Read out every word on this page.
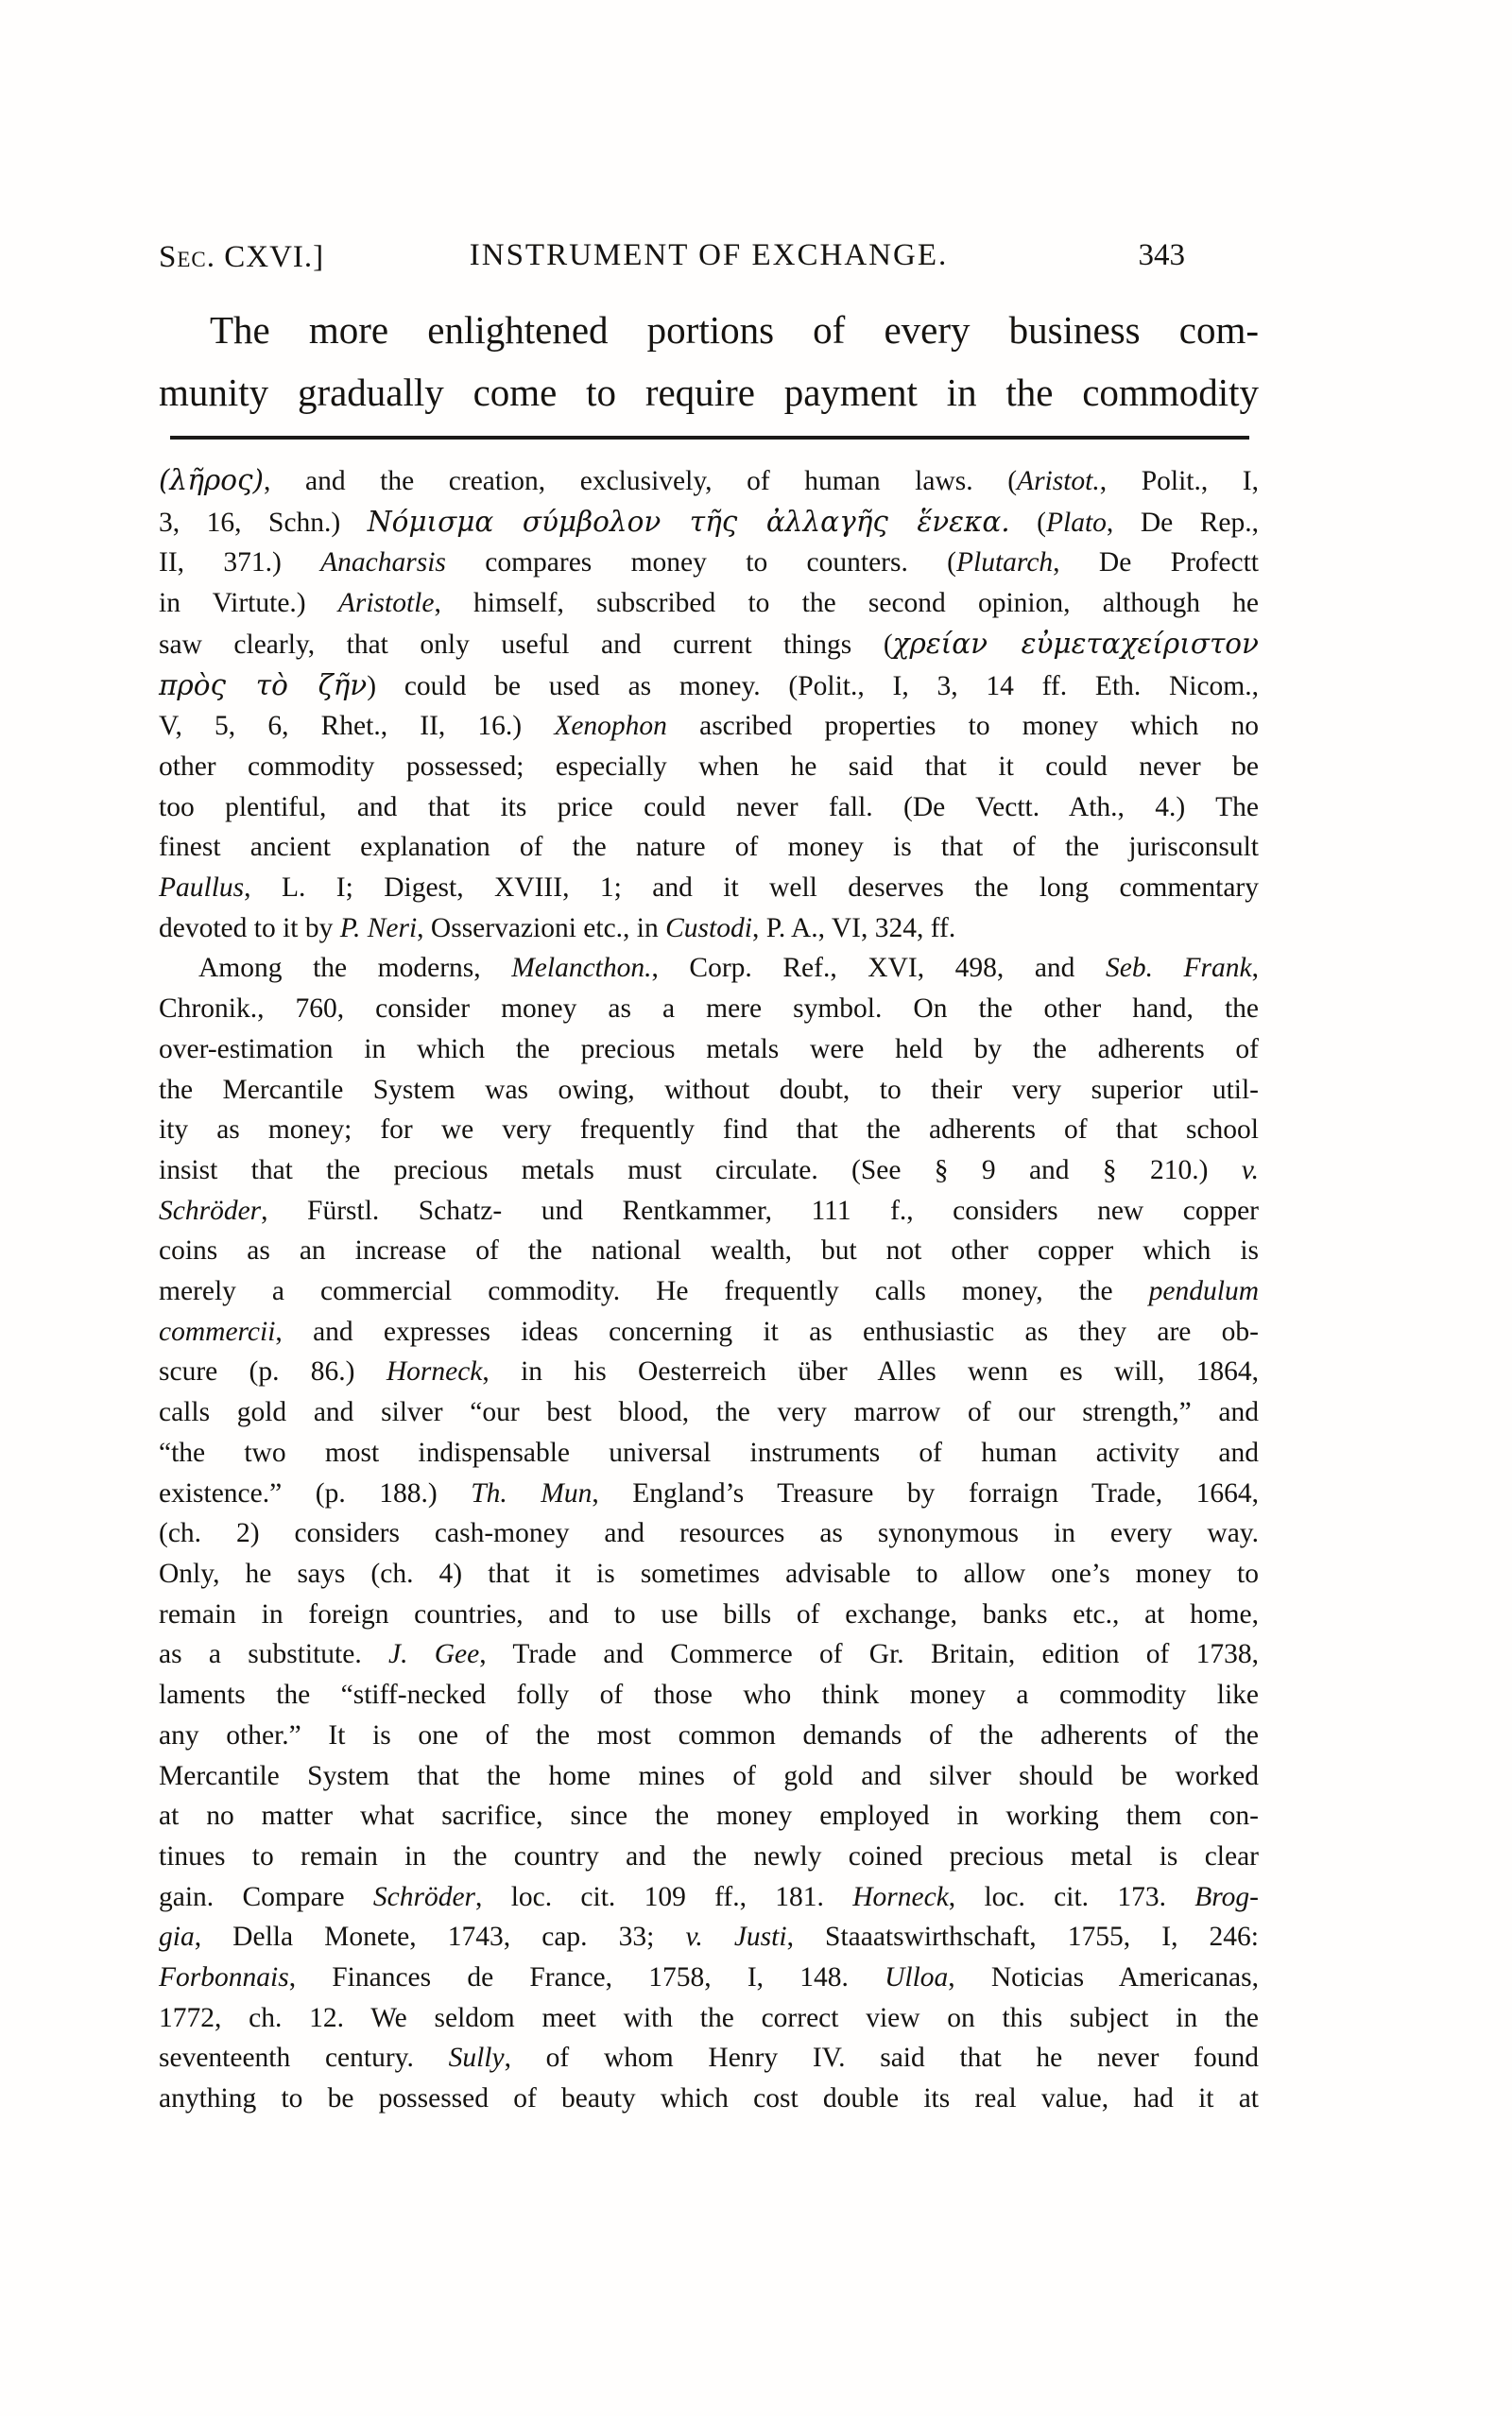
Sec. CXVI.]	INSTRUMENT OF EXCHANGE.	343
The more enlightened portions of every business com-
munity gradually come to require payment in the commodity
(λῆρος), and the creation, exclusively, of human laws. (Aristot., Polit., I,
3, 16, Schn.) Νόμισμα σύμβολον τῆς ἀλλαγῆς ἕνεκα. (Plato, De Rep.,
II, 371.) Anacharsis compares money to counters. (Plutarch, De Profectt
in Virtute.) Aristotle, himself, subscribed to the second opinion, although he
saw clearly, that only useful and current things (χρείαν εὐμεταχείριστον
πρὸς τὸ ζῆν) could be used as money. (Polit., I, 3, 14 ff. Eth. Nicom.,
V, 5, 6, Rhet., II, 16.) Xenophon ascribed properties to money which no
other commodity possessed; especially when he said that it could never be
too plentiful, and that its price could never fall. (De Vectt. Ath., 4.) The
finest ancient explanation of the nature of money is that of the jurisconsult
Paullus, L. I; Digest, XVIII, 1; and it well deserves the long commentary
devoted to it by P. Neri, Osservazioni etc., in Custodi, P. A., VI, 324, ff.
Among the moderns, Melancthon., Corp. Ref., XVI, 498, and Seb. Frank,
Chronik., 760, consider money as a mere symbol. On the other hand, the
over-estimation in which the precious metals were held by the adherents of
the Mercantile System was owing, without doubt, to their very superior util-
ity as money; for we very frequently find that the adherents of that school
insist that the precious metals must circulate. (See § 9 and § 210.) v.
Schröder, Fürstl. Schatz- und Rentkammer, 111 f., considers new copper
coins as an increase of the national wealth, but not other copper which is
merely a commercial commodity. He frequently calls money, the pendulum
commercii, and expresses ideas concerning it as enthusiastic as they are ob-
scure (p. 86.) Horneck, in his Oesterreich über Alles wenn es will, 1864,
calls gold and silver “our best blood, the very marrow of our strength,” and
“the two most indispensable universal instruments of human activity and
existence.” (p. 188.) Th. Mun, England’s Treasure by forraign Trade, 1664,
(ch. 2) considers cash-money and resources as synonymous in every way.
Only, he says (ch. 4) that it is sometimes advisable to allow one’s money to
remain in foreign countries, and to use bills of exchange, banks etc., at home,
as a substitute. J. Gee, Trade and Commerce of Gr. Britain, edition of 1738,
laments the “stiff-necked folly of those who think money a commodity like
any other.” It is one of the most common demands of the adherents of the
Mercantile System that the home mines of gold and silver should be worked
at no matter what sacrifice, since the money employed in working them con-
tinues to remain in the country and the newly coined precious metal is clear
gain. Compare Schröder, loc. cit. 109 ff., 181. Horneck, loc. cit. 173. Brog-
gia, Della Monete, 1743, cap. 33; v. Justi, Staaatswirthschaft, 1755, I, 246:
Forbonnais, Finances de France, 1758, I, 148. Ulloa, Noticias Americanas,
1772, ch. 12. We seldom meet with the correct view on this subject in the
seventeenth century. Sully, of whom Henry IV. said that he never found
anything to be possessed of beauty which cost double its real value, had it at
